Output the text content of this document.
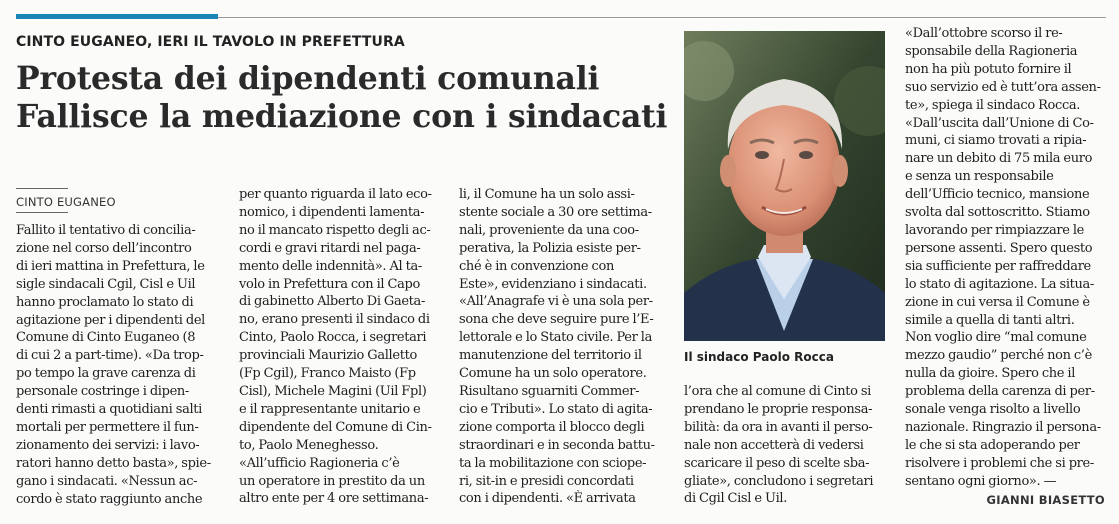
CINTO EUGANEO, IERI IL TAVOLO IN PREFETTURA
Protesta dei dipendenti comunali
Fallisce la mediazione con i sindacati
CINTO EUGANEO
Fallito il tentativo di concilia-
zione nel corso dell’incontro
di ieri mattina in Prefettura, le
sigle sindacali Cgil, Cisl e Uil
hanno proclamato lo stato di
agitazione per i dipendenti del
Comune di Cinto Euganeo (8
di cui 2 a part-time). «Da trop-
po tempo la grave carenza di
personale costringe i dipen-
denti rimasti a quotidiani salti
mortali per permettere il fun-
zionamento dei servizi: i lavo-
ratori hanno detto basta», spie-
gano i sindacati. «Nessun ac-
cordo è stato raggiunto anche
per quanto riguarda il lato eco-
nomico, i dipendenti lamenta-
no il mancato rispetto degli ac-
cordi e gravi ritardi nel paga-
mento delle indennità». Al ta-
volo in Prefettura con il Capo
di gabinetto Alberto Di Gaeta-
no, erano presenti il sindaco di
Cinto, Paolo Rocca, i segretari
provinciali Maurizio Galletto
(Fp Cgil), Franco Maisto (Fp
Cisl), Michele Magini (Uil Fpl)
e il rappresentante unitario e
dipendente del Comune di Cin-
to, Paolo Meneghesso.
«All’ufficio Ragioneria c’è
un operatore in prestito da un
altro ente per 4 ore settimana-
li, il Comune ha un solo assi-
stente sociale a 30 ore settima-
nali, proveniente da una coo-
perativa, la Polizia esiste per-
ché è in convenzione con
Este», evidenziano i sindacati.
«All’Anagrafe vi è una sola per-
sona che deve seguire pure l’E-
lettorale e lo Stato civile. Per la
manutenzione del territorio il
Comune ha un solo operatore.
Risultano sguarniti Commer-
cio e Tributi». Lo stato di agita-
zione comporta il blocco degli
straordinari e in seconda battu-
ta la mobilitazione con sciope-
ri, sit-in e presidi concordati
con i dipendenti. «È arrivata
Il sindaco Paolo Rocca
l’ora che al comune di Cinto si
prendano le proprie responsa-
bilità: da ora in avanti il perso-
nale non accetterà di vedersi
scaricare il peso di scelte sba-
gliate», concludono i segretari
di Cgil Cisl e Uil.
«Dall’ottobre scorso il re-
sponsabile della Ragioneria
non ha più potuto fornire il
suo servizio ed è tutt’ora assen-
te», spiega il sindaco Rocca.
«Dall’uscita dall’Unione di Co-
muni, ci siamo trovati a ripia-
nare un debito di 75 mila euro
e senza un responsabile
dell’Ufficio tecnico, mansione
svolta dal sottoscritto. Stiamo
lavorando per rimpiazzare le
persone assenti. Spero questo
sia sufficiente per raffreddare
lo stato di agitazione. La situa-
zione in cui versa il Comune è
simile a quella di tanti altri.
Non voglio dire “mal comune
mezzo gaudio” perché non c’è
nulla da gioire. Spero che il
problema della carenza di per-
sonale venga risolto a livello
nazionale. Ringrazio il persona-
le che si sta adoperando per
risolvere i problemi che si pre-
sentano ogni giorno». —
GIANNI BIASETTO
